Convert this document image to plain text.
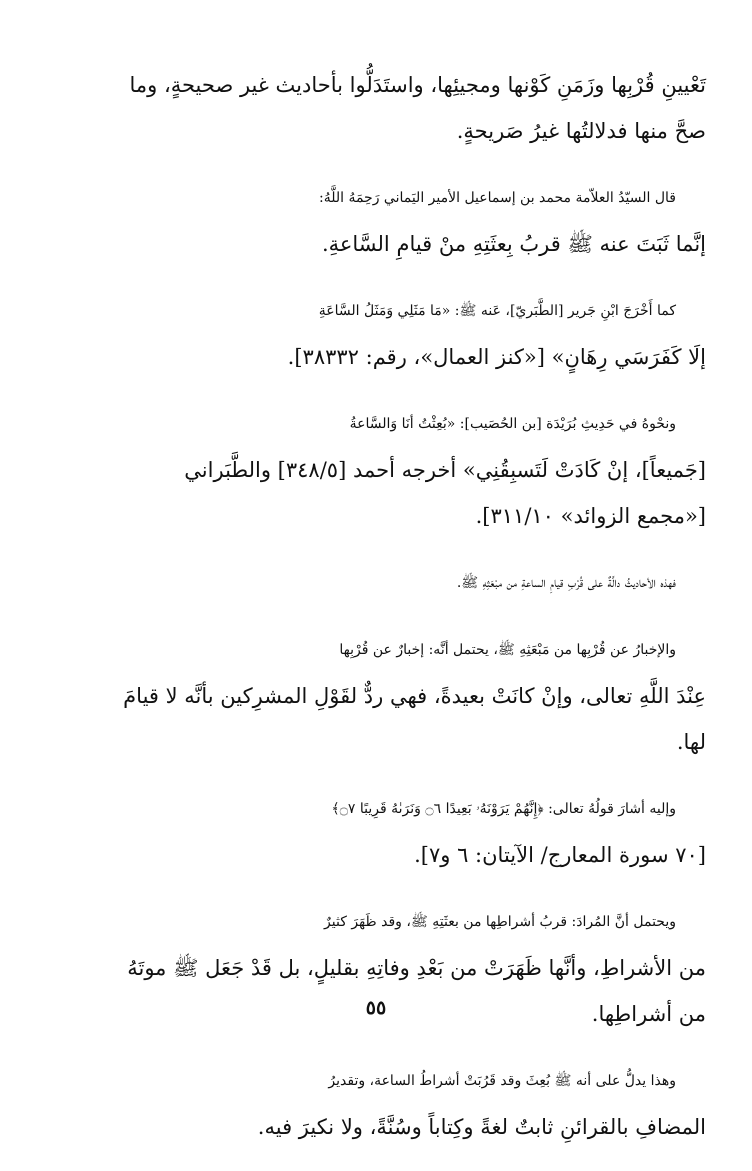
تَعْيينِ قُرْبِها وزَمَنِ كَوْنها ومجيئِها، واستَدَلُّوا بأحاديث غير صحيحةٍ، وما
صحَّ منها فدلالتُها غيرُ صَريحةٍ.
قال السيّدُ العلاّمة محمد بن إسماعيل الأمير اليَماني رَحِمَهُ اللَّهُ:
إنَّما ثَبَتَ عنه ﷺ قربُ بِعثَتِهِ منْ قيامِ السَّاعةِ.
كما أَخْرَجَ ابْنِ جَرير [الطَّبَريّ]، عَنه ﷺ: «مَا مَثَلِي وَمَثَلُ السَّاعَةِ
إلَا كَفَرَسَي رِهَانٍ» [«كنز العمال»، رقم: ٣٨٣٣٢].
ونحْوهُ في حَدِيثِ بُرَيْدَة [بن الحُصَيب]: «بُعِثْتُ أنَا وَالسَّاعةُ
[جَميعاً]، إنْ كَادَتْ لَتَسبِقُنِي» أخرجه أحمد [٣٤٨/٥] والطَّبَراني
[«مجمع الزوائد» ٣١١/١٠].
فهذه الأحاديثُ دالَّةٌ على قُرْبِ قيامِ الساعةِ من مبْعَثِهِ ﷺ.
والإخبارُ عن قُرْبِها من مَبْعَثِهِ ﷺ، يحتمل أنَّه: إخبارٌ عن قُرْبِها
عِنْدَ اللَّهِ تعالى، وإنْ كانَتْ بعيدةً، فهي ردٌّ لقَوْلِ المشرِكين بأنَّه لا قيامَ
لها.
وإليه أشارَ قولُهُ تعالى: ﴿إِنَّهُمْ يَرَوْنَهُۥ بَعِيدًا ۝٦ وَنَرَىٰهُ قَرِيبًا ۝٧﴾
[٧٠ سورة المعارج/ الآيتان: ٦ و٧].
ويحتمل أنَّ المُرادَ: قربُ أشراطِها من بعثَتِهِ ﷺ، وقد ظَهَرَ كثيرٌ
من الأشراطِ، وأنَّها ظَهَرَتْ من بَعْدِ وفاتِهِ بقليلٍ، بل قَدْ جَعَل ﷺ موتَهُ
من أشراطِها.
وهذا يدلُّ على أنه ﷺ بُعِثَ وقد قَرُبَتْ أشراطُ الساعة، وتقديرُ
المضافِ بالقرائنِ ثابتٌ لغةً وكِتاباً وسُنَّةً، ولا نكيرَ فيه.
٥٥
